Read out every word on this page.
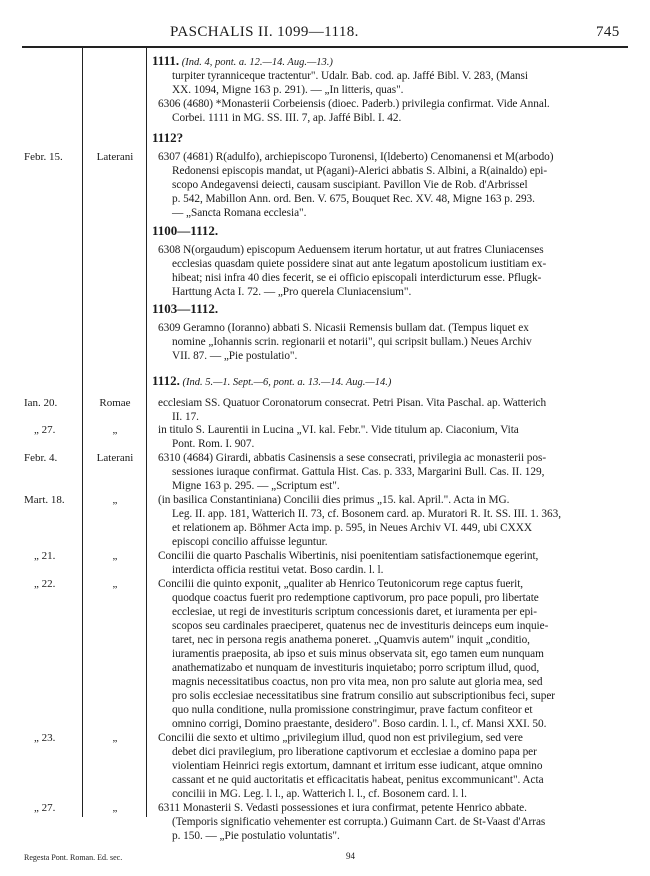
PASCHALIS II. 1099—1118.	745
1111. (Ind. 4, pont. a. 12.—14. Aug.—13.)
turpiter tyranniceque tractentur". Udalr. Bab. cod. ap. Jaffé Bibl. V. 283, (Mansi
XX. 1094, Migne 163 p. 291). — „In litteris, quas".
6306 (4680) *Monasterii Corbeiensis (dioec. Paderb.) privilegia confirmat. Vide Annal.
Corbei. 1111 in MG. SS. III. 7, ap. Jaffé Bibl. I. 42.
1112?
Febr. 15.	Laterani	6307 (4681) R(adulfo), archiepiscopo Turonensi, I(ldeberto) Cenomanensi et M(arbodo)
Redonensi episcopis mandat, ut P(agani)-Alerici abbatis S. Albini, a R(ainaldo) epi-
scopo Andegavensi deiecti, causam suscipiant. Pavillon Vie de Rob. d'Arbrissel
p. 542, Mabillon Ann. ord. Ben. V. 675, Bouquet Rec. XV. 48, Migne 163 p. 293.
— „Sancta Romana ecclesia".
1100—1112.
6308 N(orgaudum) episcopum Aeduensem iterum hortatur, ut aut fratres Cluniacenses
ecclesias quasdam quiete possidere sinat aut ante legatum apostolicum iustitiam ex-
hibeat; nisi infra 40 dies fecerit, se ei officio episcopali interdicturum esse. Pflugk-
Harttung Acta I. 72. — „Pro querela Cluniacensium".
1103—1112.
6309 Geramno (Ioranno) abbati S. Nicasii Remensis bullam dat. (Tempus liquet ex
nomine „Iohannis scrin. regionarii et notarii", qui scripsit bullam.) Neues Archiv
VII. 87. — „Pie postulatio".
1112. (Ind. 5.—1. Sept.—6, pont. a. 13.—14. Aug.—14.)
Ian. 20.	Romae	ecclesiam SS. Quatuor Coronatorum consecrat. Petri Pisan. Vita Paschal. ap. Watterich
II. 17.
„ 27.	„	in titulo S. Laurentii in Lucina „VI. kal. Febr.". Vide titulum ap. Ciaconium, Vita
Pont. Rom. I. 907.
Febr. 4.	Laterani	6310 (4684) Girardi, abbatis Casinensis a sese consecrati, privilegia ac monasterii pos-
sessiones iuraque confirmat. Gattula Hist. Cas. p. 333, Margarini Bull. Cas. II. 129,
Migne 163 p. 295. — „Scriptum est".
Mart. 18.	„	(in basilica Constantiniana) Concilii dies primus „15. kal. April.". Acta in MG.
Leg. II. app. 181, Watterich II. 73, cf. Bosonem card. ap. Muratori R. It. SS. III. 1. 363,
et relationem ap. Böhmer Acta imp. p. 595, in Neues Archiv VI. 449, ubi CXXX
episcopi concilio affuisse leguntur.
„ 21.	„	Concilii die quarto Paschalis Wibertinis, nisi poenitentiam satisfactionemque egerint,
interdicta officia restitui vetat. Boso cardin. l. l.
„ 22.	„	Concilii die quinto exponit, „qualiter ab Henrico Teutonicorum rege captus fuerit,
quodque coactus fuerit pro redemptione captivorum, pro pace populi, pro libertate
ecclesiae, ut regi de investituris scriptum concessionis daret, et iuramenta per epi-
scopos seu cardinales praeciperet, quatenus nec de investituris deinceps eum inquie-
taret, nec in persona regis anathema poneret. „Quamvis autem" inquit „conditio,
iuramentis praeposita, ab ipso et suis minus observata sit, ego tamen eum nunquam
anathematizabo et nunquam de investituris inquietabo; porro scriptum illud, quod,
magnis necessitatibus coactus, non pro vita mea, non pro salute aut gloria mea, sed
pro solis ecclesiae necessitatibus sine fratrum consilio aut subscriptionibus feci, super
quo nulla conditione, nulla promissione constringimur, prave factum confiteor et
omnino corrigi, Domino praestante, desidero". Boso cardin. l. l., cf. Mansi XXI. 50.
„ 23.	„	Concilii die sexto et ultimo „privilegium illud, quod non est privilegium, sed vere
debet dici pravilegium, pro liberatione captivorum et ecclesiae a domino papa per
violentiam Heinrici regis extortum, damnant et irritum esse iudicant, atque omnino
cassant et ne quid auctoritatis et efficacitatis habeat, penitus excommunicant". Acta
concilii in MG. Leg. l. l., ap. Watterich l. l., cf. Bosonem card. l. l.
„ 27.	„	6311 Monasterii S. Vedasti possessiones et iura confirmat, petente Henrico abbate.
(Temporis significatio vehementer est corrupta.) Guimann Cart. de St-Vaast d'Arras
p. 150. — „Pie postulatio voluntatis".
Regesta Pont. Roman. Ed. sec.	94
